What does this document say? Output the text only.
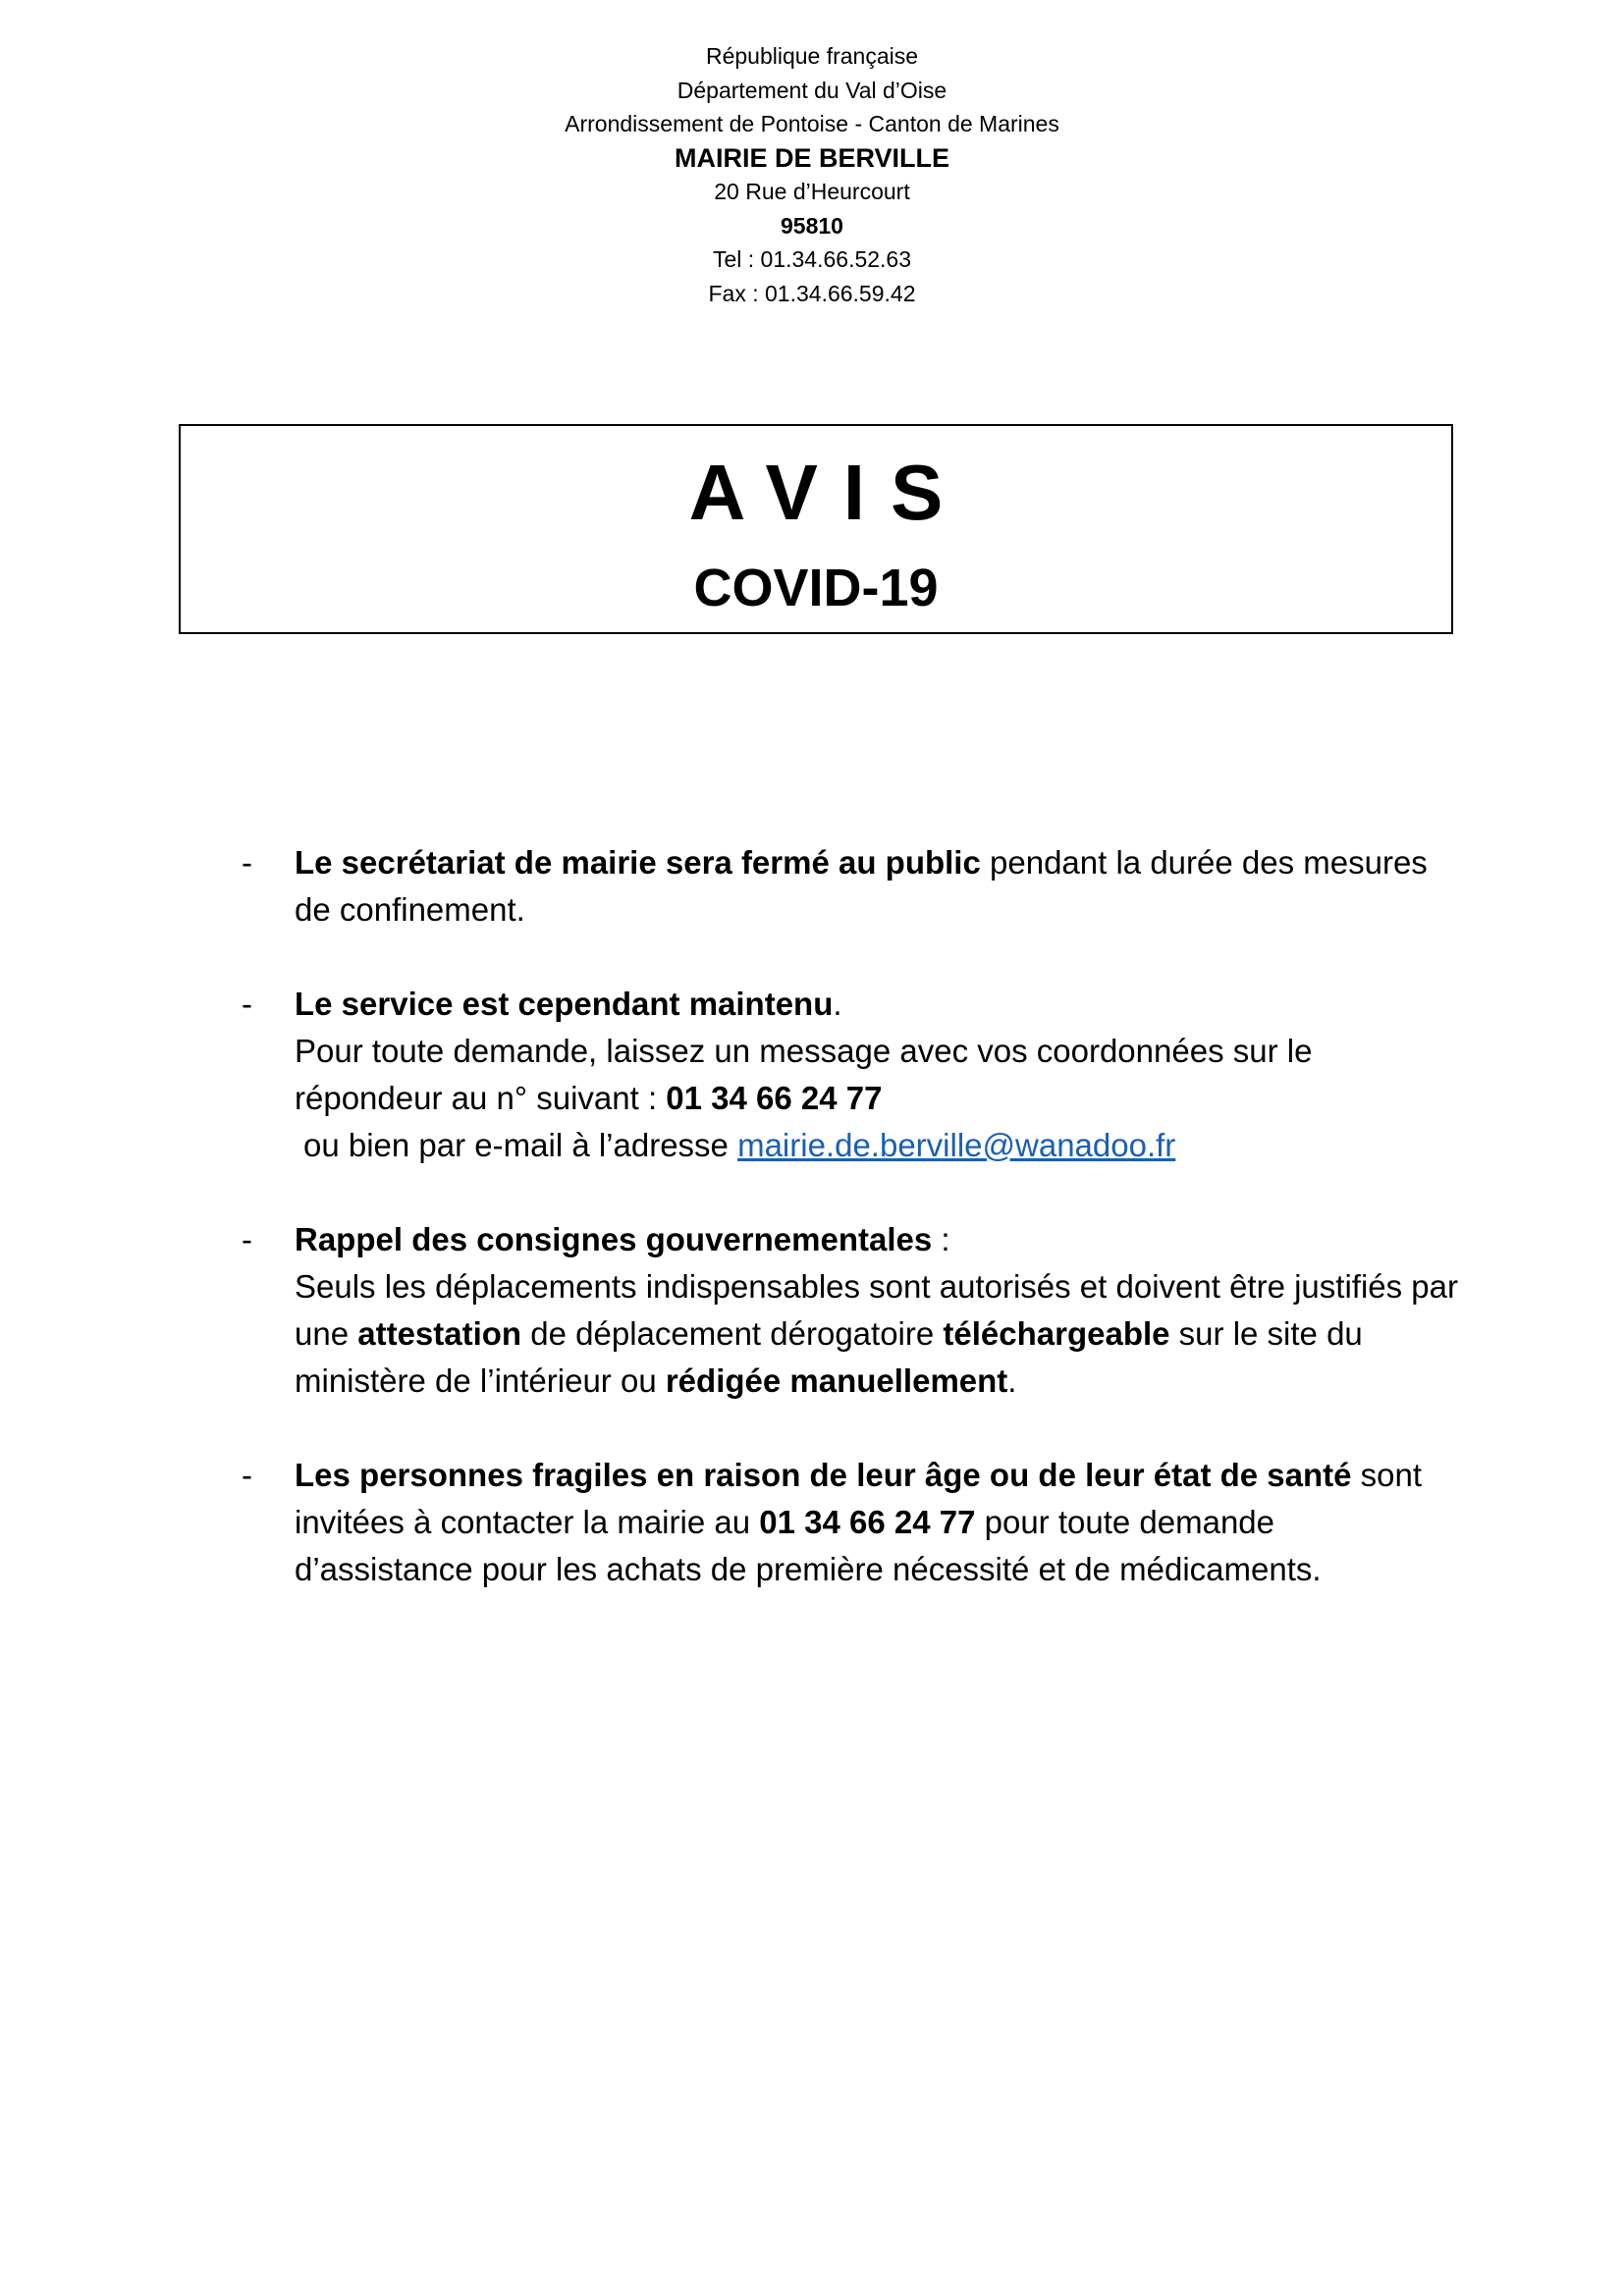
République française
Département du Val d’Oise
Arrondissement de Pontoise - Canton de Marines
MAIRIE DE BERVILLE
20 Rue d’Heurcourt
95810
Tel : 01.34.66.52.63
Fax : 01.34.66.59.42
AVIS
COVID-19
- Le secrétariat de mairie sera fermé au public pendant la durée des mesures de confinement.
- Le service est cependant maintenu.
Pour toute demande, laissez un message avec vos coordonnées sur le répondeur au n° suivant : 01 34 66 24 77
ou bien par e-mail à l’adresse mairie.de.berville@wanadoo.fr
- Rappel des consignes gouvernementales :
Seuls les déplacements indispensables sont autorisés et doivent être justifiés par une attestation de déplacement dérogatoire téléchargeable sur le site du ministère de l’intérieur ou rédigée manuellement.
- Les personnes fragiles en raison de leur âge ou de leur état de santé sont invitées à contacter la mairie au 01 34 66 24 77 pour toute demande d’assistance pour les achats de première nécessité et de médicaments.
